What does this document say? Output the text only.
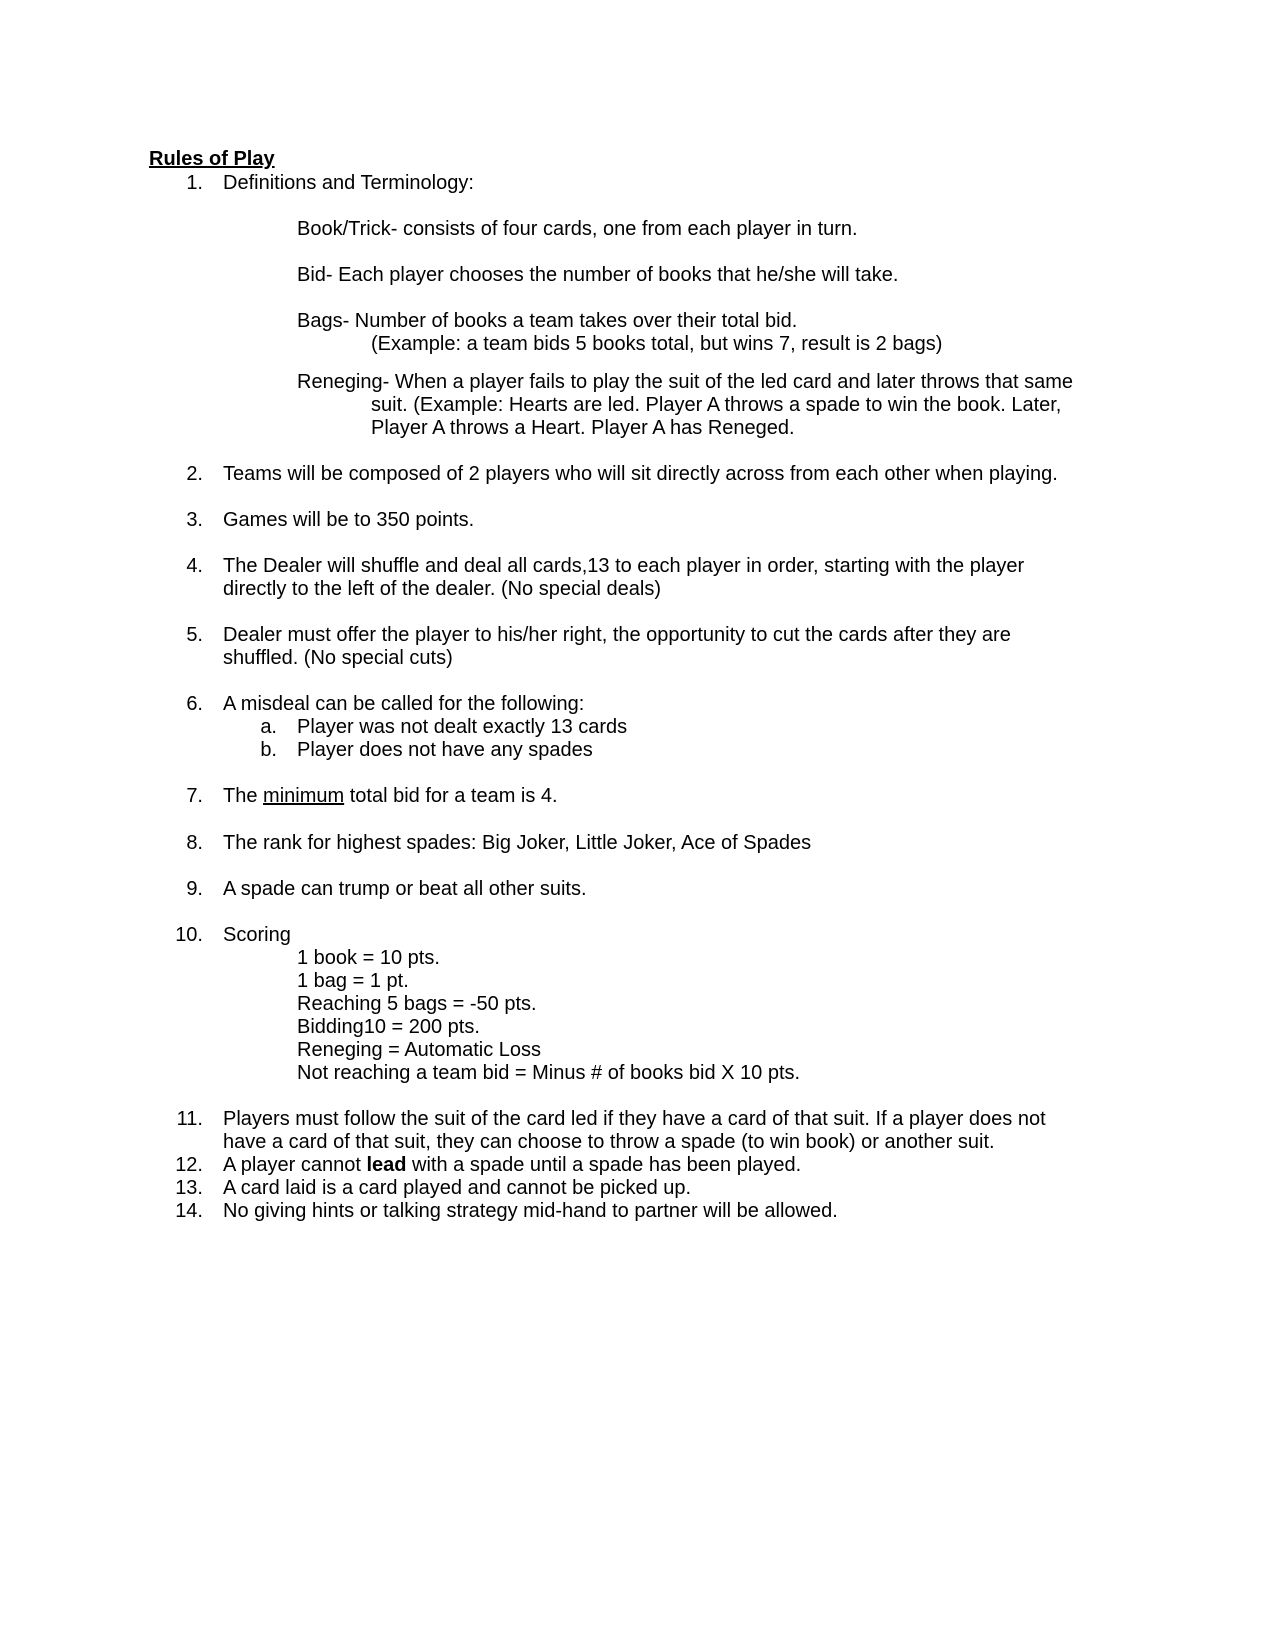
Rules of Play
1. Definitions and Terminology:
Book/Trick- consists of four cards, one from each player in turn.
Bid- Each player chooses the number of books that he/she will take.
Bags- Number of books a team takes over their total bid.
(Example: a team bids 5 books total, but wins 7, result is 2 bags)
Reneging- When a player fails to play the suit of the led card and later throws that same
suit. (Example: Hearts are led. Player A throws a spade to win the book. Later,
Player A throws a Heart. Player A has Reneged.
2. Teams will be composed of 2 players who will sit directly across from each other when playing.
3. Games will be to 350 points.
4. The Dealer will shuffle and deal all cards,13 to each player in order, starting with the player
directly to the left of the dealer. (No special deals)
5. Dealer must offer the player to his/her right, the opportunity to cut the cards after they are
shuffled. (No special cuts)
6. A misdeal can be called for the following:
a. Player was not dealt exactly 13 cards
b. Player does not have any spades
7. The minimum total bid for a team is 4.
8. The rank for highest spades: Big Joker, Little Joker, Ace of Spades
9. A spade can trump or beat all other suits.
10. Scoring
1 book = 10 pts.
1 bag = 1 pt.
Reaching 5 bags = -50 pts.
Bidding10 = 200 pts.
Reneging = Automatic Loss
Not reaching a team bid = Minus # of books bid X 10 pts.
11. Players must follow the suit of the card led if they have a card of that suit. If a player does not
have a card of that suit, they can choose to throw a spade (to win book) or another suit.
12. A player cannot lead with a spade until a spade has been played.
13. A card laid is a card played and cannot be picked up.
14. No giving hints or talking strategy mid-hand to partner will be allowed.
